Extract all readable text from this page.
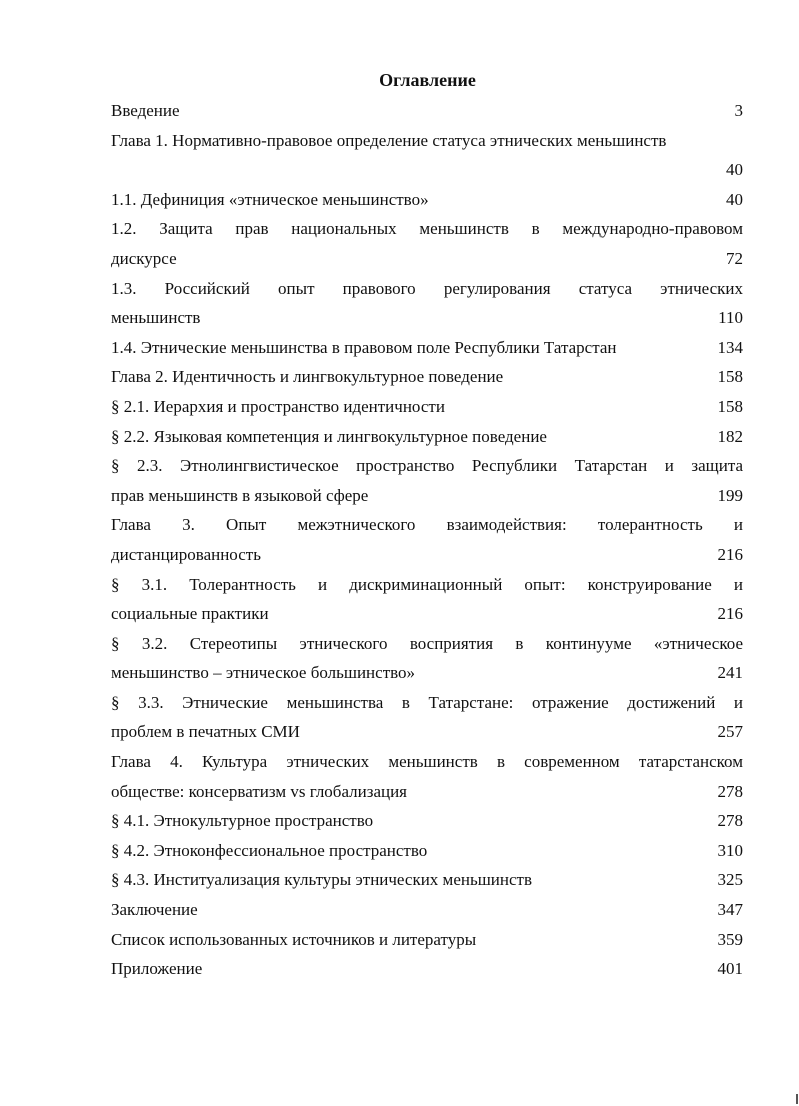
Оглавление
Введение	3
Глава 1. Нормативно-правовое определение статуса этнических меньшинств
40
1.1. Дефиниция «этническое меньшинство»	40
1.2. Защита прав национальных меньшинств в международно-правовом
дискурсе	72
1.3. Российский опыт правового регулирования статуса этнических
меньшинств	110
1.4. Этнические меньшинства в правовом поле Республики Татарстан	134
Глава 2. Идентичность и лингвокультурное поведение	158
§ 2.1. Иерархия и пространство идентичности	158
§ 2.2. Языковая компетенция и лингвокультурное поведение	182
§ 2.3. Этнолингвистическое пространство Республики Татарстан и защита
прав меньшинств в языковой сфере	199
Глава 3. Опыт межэтнического взаимодействия: толерантность и
дистанцированность	216
§ 3.1. Толерантность и дискриминационный опыт: конструирование и
социальные практики	216
§ 3.2. Стереотипы этнического восприятия в континууме «этническое
меньшинство – этническое большинство»	241
§ 3.3. Этнические меньшинства в Татарстане: отражение достижений и
проблем в печатных СМИ	257
Глава 4. Культура этнических меньшинств в современном татарстанском
обществе: консерватизм vs глобализация	278
§ 4.1. Этнокультурное пространство	278
§ 4.2. Этноконфессиональное пространство	310
§ 4.3. Институализация культуры этнических меньшинств	325
Заключение	347
Список использованных источников и литературы	359
Приложение	401
